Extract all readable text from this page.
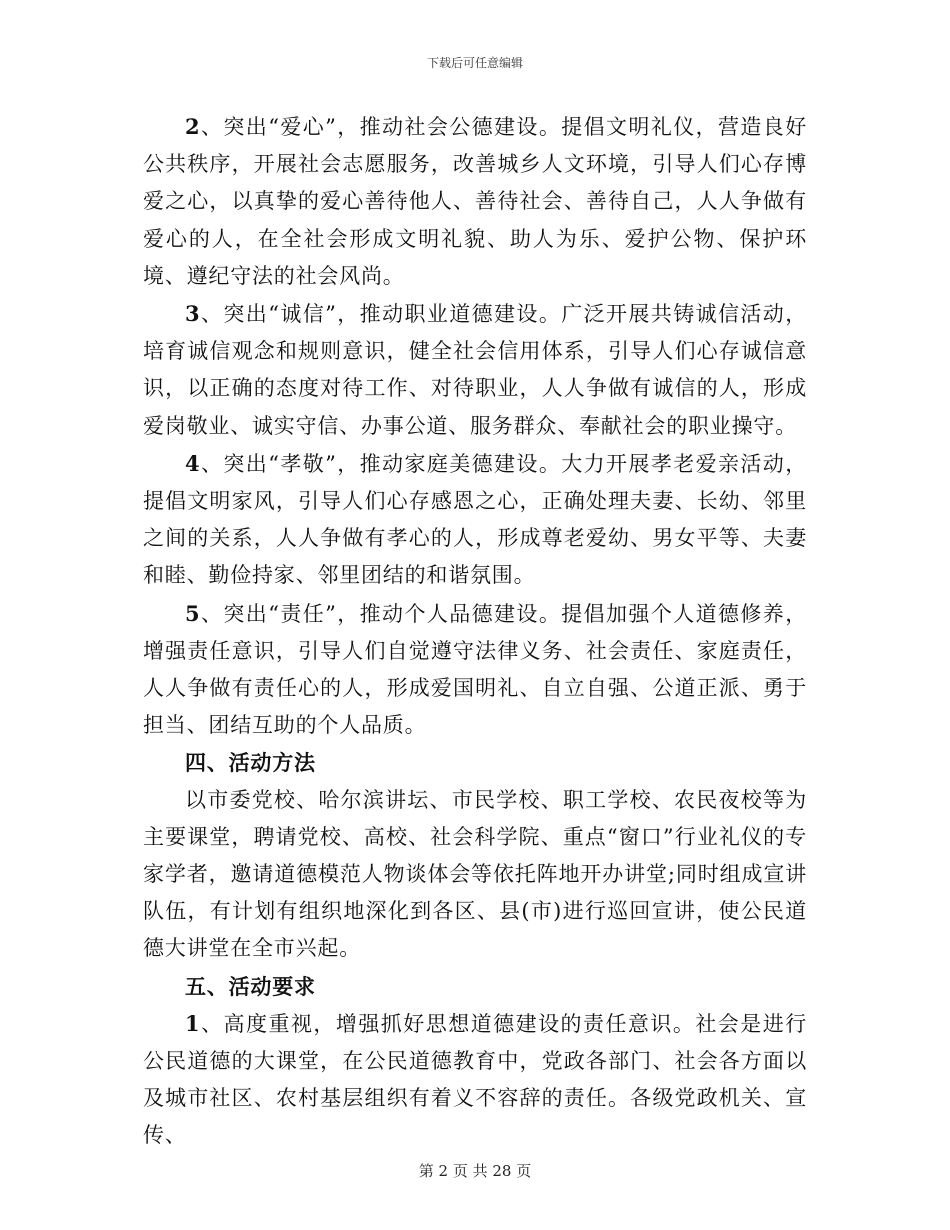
下载后可任意编辑

2、突出“爱心”，推动社会公德建设。提倡文明礼仪，营造良好公共秩序，开展社会志愿服务，改善城乡人文环境，引导人们心存博爱之心，以真挚的爱心善待他人、善待社会、善待自己，人人争做有爱心的人，在全社会形成文明礼貌、助人为乐、爱护公物、保护环境、遵纪守法的社会风尚。

3、突出“诚信”，推动职业道德建设。广泛开展共铸诚信活动，培育诚信观念和规则意识，健全社会信用体系，引导人们心存诚信意识，以正确的态度对待工作、对待职业，人人争做有诚信的人，形成爱岗敬业、诚实守信、办事公道、服务群众、奉献社会的职业操守。

4、突出“孝敬”，推动家庭美德建设。大力开展孝老爱亲活动，提倡文明家风，引导人们心存感恩之心，正确处理夫妻、长幼、邻里之间的关系，人人争做有孝心的人，形成尊老爱幼、男女平等、夫妻和睦、勤俭持家、邻里团结的和谐氛围。

5、突出“责任”，推动个人品德建设。提倡加强个人道德修养，增强责任意识，引导人们自觉遵守法律义务、社会责任、家庭责任，人人争做有责任心的人，形成爱国明礼、自立自强、公道正派、勇于担当、团结互助的个人品质。

四、活动方法

以市委党校、哈尔滨讲坛、市民学校、职工学校、农民夜校等为主要课堂，聘请党校、高校、社会科学院、重点“窗口”行业礼仪的专家学者，邀请道德模范人物谈体会等依托阵地开办讲堂;同时组成宣讲队伍，有计划有组织地深化到各区、县(市)进行巡回宣讲，使公民道德大讲堂在全市兴起。

五、活动要求

1、高度重视，增强抓好思想道德建设的责任意识。社会是进行公民道德的大课堂，在公民道德教育中，党政各部门、社会各方面以及城市社区、农村基层组织有着义不容辞的责任。各级党政机关、宣传、

第 2 页 共 28 页
